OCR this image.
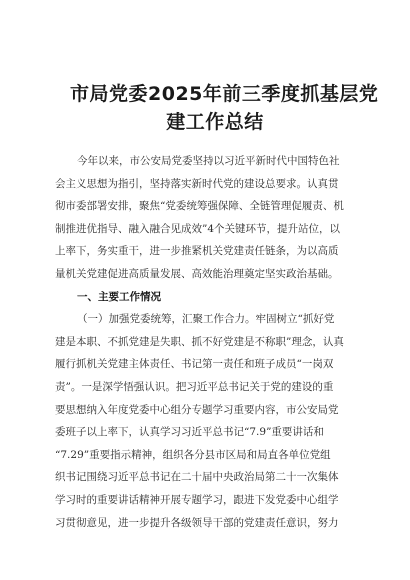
市局党委2025年前三季度抓基层党
建工作总结
今年以来，市公安局党委坚持以习近平新时代中国特色社
会主义思想为指引，坚持落实新时代党的建设总要求。认真贯
彻市委部署安排，聚焦“党委统筹强保障、全链管理促履责、机
制推进优指导、融入融合见成效”4个关键环节，提升站位，以
上率下，务实重干，进一步推紧机关党建责任链条，为以高质
量机关党建促进高质量发展、高效能治理奠定坚实政治基础。
一、主要工作情况
（一）加强党委统筹，汇聚工作合力。牢固树立“抓好党
建是本职、不抓党建是失职、抓不好党建是不称职”理念，认真
履行抓机关党建主体责任、书记第一责任和班子成员“一岗双
责”。一是深学悟强认识。把习近平总书记关于党的建设的重
要思想纳入年度党委中心组分专题学习重要内容，市公安局党
委班子以上率下，认真学习习近平总书记“7.9”重要讲话和
“7.29”重要指示精神，组织各分县市区局和局直各单位党组
织书记围绕习近平总书记在二十届中央政治局第二十一次集体
学习时的重要讲话精神开展专题学习，跟进下发党委中心组学
习贯彻意见，进一步提升各级领导干部的党建责任意识，努力
